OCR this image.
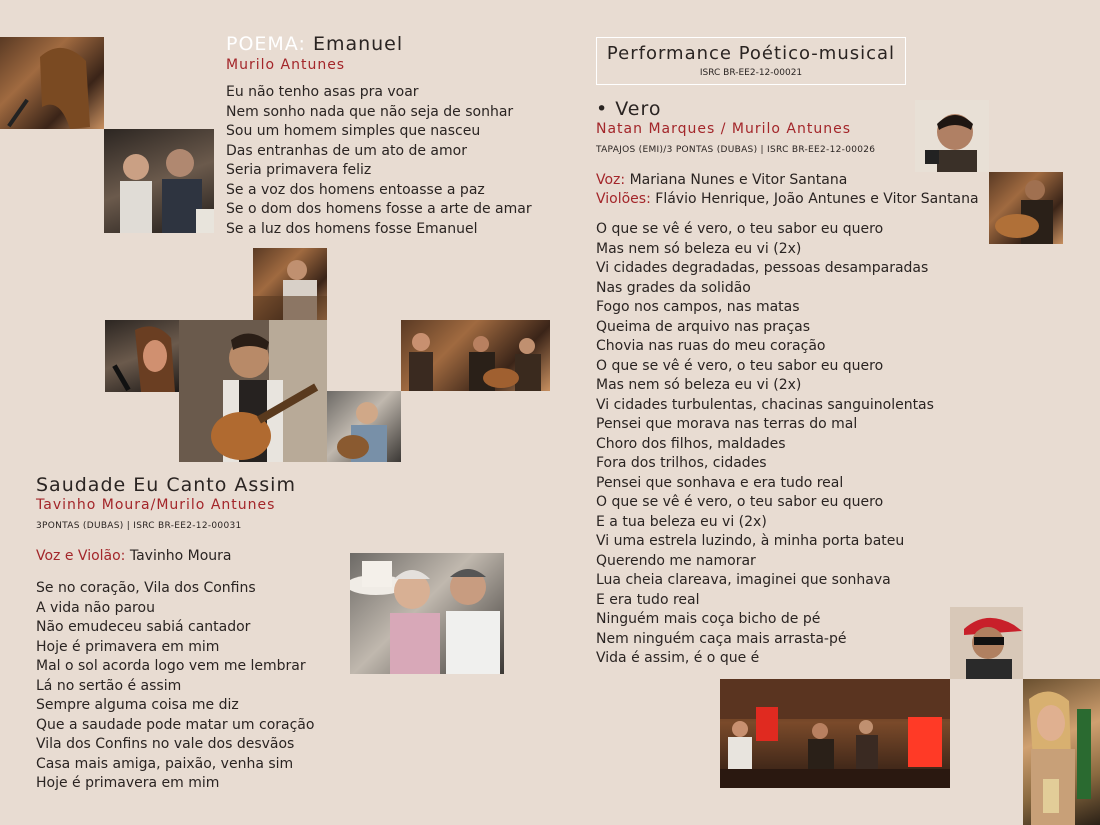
POEMA: Emanuel
Murilo Antunes
Eu não tenho asas pra voar
Nem sonho nada que não seja de sonhar
Sou um homem simples que nasceu
Das entranhas de um ato de amor
Seria primavera feliz
Se a voz dos homens entoasse a paz
Se o dom dos homens fosse a arte de amar
Se a luz dos homens fosse Emanuel
Saudade Eu Canto Assim
Tavinho Moura/Murilo Antunes
3PONTAS (DUBAS) | ISRC BR-EE2-12-00031
Voz e Violão: Tavinho Moura
Se no coração, Vila dos Confins
A vida não parou
Não emudeceu sabiá cantador
Hoje é primavera em mim
Mal o sol acorda logo vem me lembrar
Lá no sertão é assim
Sempre alguma coisa me diz
Que a saudade pode matar um coração
Vila dos Confins no vale dos desvãos
Casa mais amiga, paixão, venha sim
Hoje é primavera em mim
Performance Poético-musical
ISRC BR-EE2-12-00021
• Vero
Natan Marques / Murilo Antunes
TAPAJOS (EMI)/3 PONTAS (DUBAS) | ISRC BR-EE2-12-00026
Voz: Mariana Nunes e Vitor Santana
Violões: Flávio Henrique, João Antunes e Vitor Santana
O que se vê é vero, o teu sabor eu quero
Mas nem só beleza eu vi (2x)
Vi cidades degradadas, pessoas desamparadas
Nas grades da solidão
Fogo nos campos, nas matas
Queima de arquivo nas praças
Chovia nas ruas do meu coração
O que se vê é vero, o teu sabor eu quero
Mas nem só beleza eu vi (2x)
Vi cidades turbulentas, chacinas sanguinolentas
Pensei que morava nas terras do mal
Choro dos filhos, maldades
Fora dos trilhos, cidades
Pensei que sonhava e era tudo real
O que se vê é vero, o teu sabor eu quero
E a tua beleza eu vi (2x)
Vi uma estrela luzindo, à minha porta bateu
Querendo me namorar
Lua cheia clareava, imaginei que sonhava
E era tudo real
Ninguém mais coça bicho de pé
Nem ninguém caça mais arrasta-pé
Vida é assim, é o que é
